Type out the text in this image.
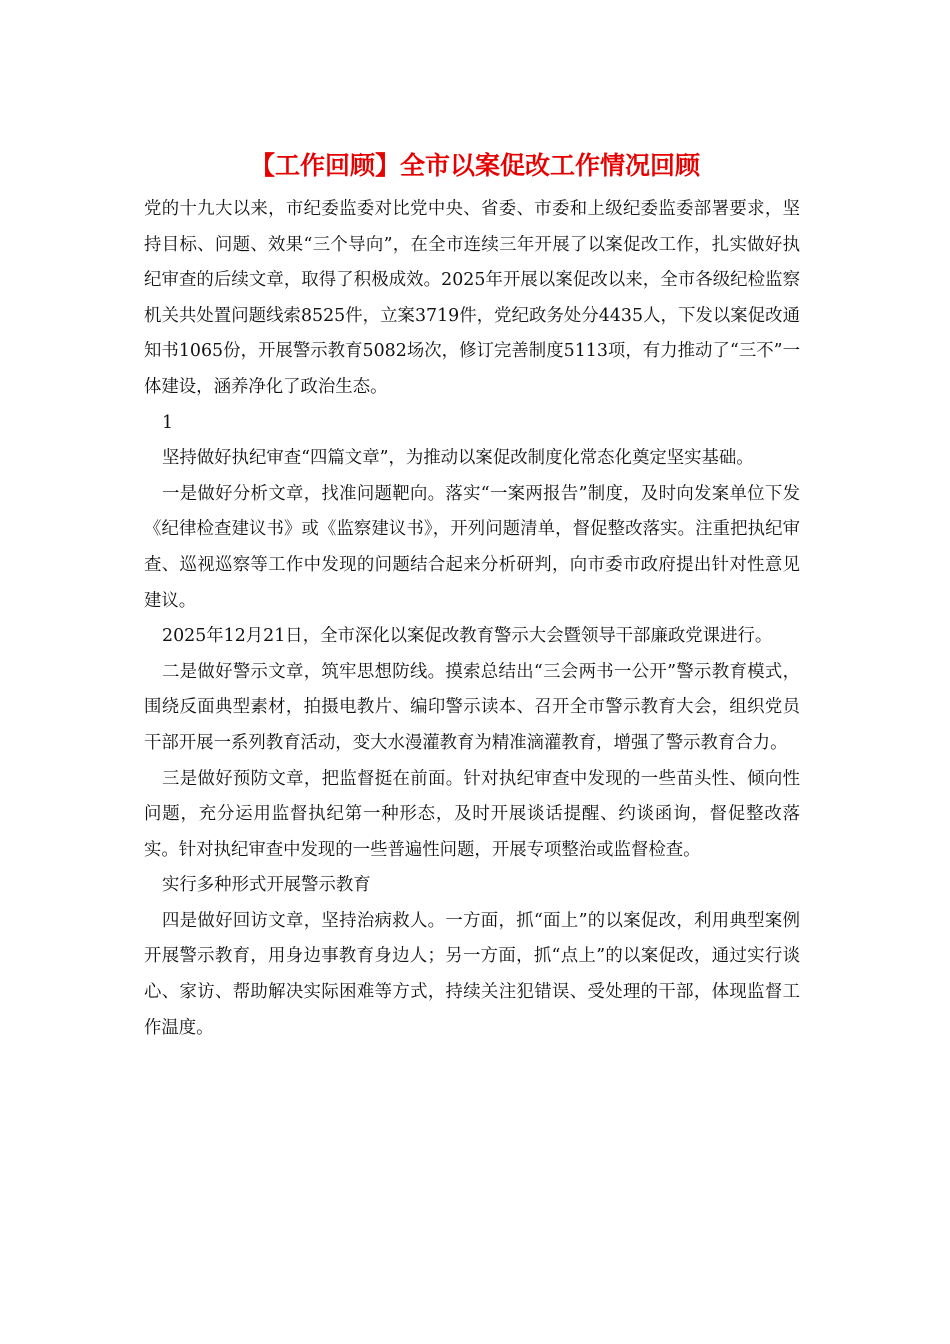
【工作回顾】全市以案促改工作情况回顾

党的十九大以来，市纪委监委对比党中央、省委、市委和上级纪委监委部署要求，坚持目标、问题、效果“三个导向”，在全市连续三年开展了以案促改工作，扎实做好执纪审查的后续文章，取得了积极成效。2025年开展以案促改以来，全市各级纪检监察机关共处置问题线索8525件，立案3719件，党纪政务处分4435人，下发以案促改通知书1065份，开展警示教育5082场次，修订完善制度5113项，有力推动了“三不”一体建设，涵养净化了政治生态。

1

坚持做好执纪审查“四篇文章”，为推动以案促改制度化常态化奠定坚实基础。

一是做好分析文章，找准问题靶向。落实“一案两报告”制度，及时向发案单位下发《纪律检查建议书》或《监察建议书》，开列问题清单，督促整改落实。注重把执纪审查、巡视巡察等工作中发现的问题结合起来分析研判，向市委市政府提出针对性意见建议。

2025年12月21日，全市深化以案促改教育警示大会暨领导干部廉政党课进行。

二是做好警示文章，筑牢思想防线。摸索总结出“三会两书一公开”警示教育模式，围绕反面典型素材，拍摄电教片、编印警示读本、召开全市警示教育大会，组织党员干部开展一系列教育活动，变大水漫灌教育为精准滴灌教育，增强了警示教育合力。

三是做好预防文章，把监督挺在前面。针对执纪审查中发现的一些苗头性、倾向性问题，充分运用监督执纪第一种形态，及时开展谈话提醒、约谈函询，督促整改落实。针对执纪审查中发现的一些普遍性问题，开展专项整治或监督检查。

实行多种形式开展警示教育

四是做好回访文章，坚持治病救人。一方面，抓“面上”的以案促改，利用典型案例开展警示教育，用身边事教育身边人；另一方面，抓“点上”的以案促改，通过实行谈心、家访、帮助解决实际困难等方式，持续关注犯错误、受处理的干部，体现监督工作温度。
